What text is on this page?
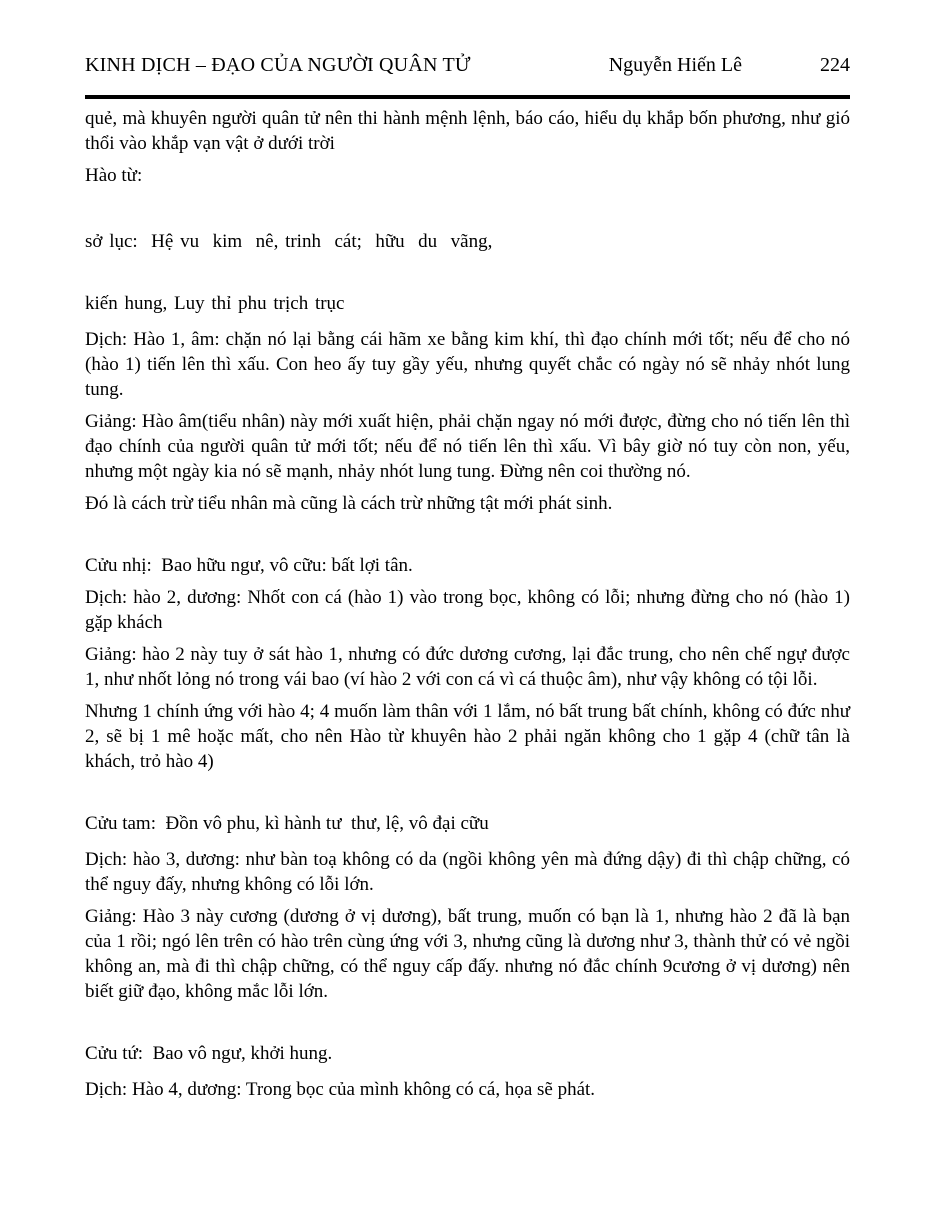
KINH DỊCH – ĐẠO CỦA NGƯỜI QUÂN TỬ	Nguyễn Hiến Lê	224

quẻ, mà khuyên người quân tử nên thi hành mệnh lệnh, báo cáo, hiểu dụ khắp bốn phương, như gió thổi vào khắp vạn vật ở dưới trời

Hào từ:

sở lục:  Hệ vu  kim  nê, trinh  cát;  hữu  du  vãng,

kiến hung, Luy thỉ phu trịch trục

Dịch: Hào 1, âm: chặn nó lại bằng cái hãm xe bằng kim khí, thì đạo chính mới tốt; nếu để cho nó (hào 1) tiến lên thì xấu. Con heo ấy tuy gầy yếu, nhưng quyết chắc có ngày nó sẽ nhảy nhót lung tung.

Giảng: Hào âm(tiểu nhân) này mới xuất hiện, phải chặn ngay nó mới được, đừng cho nó tiến lên thì đạo chính của người quân tử mới tốt; nếu để nó tiến lên thì xấu. Vì bây giờ nó tuy còn non, yếu, nhưng một ngày kia nó sẽ mạnh, nhảy nhót lung tung. Đừng nên coi thường nó.

Đó là cách trừ tiểu nhân mà cũng là cách trừ những tật mới phát sinh.

Cửu nhị:  Bao hữu ngư, vô cữu: bất lợi tân.

Dịch: hào 2, dương: Nhốt con cá (hào 1) vào trong bọc, không có lỗi; nhưng đừng cho nó (hào 1) gặp khách

Giảng: hào 2 này tuy ở sát hào 1, nhưng có đức dương cương, lại đắc trung, cho nên chế ngự được 1, như nhốt lỏng nó trong vái bao (ví hào 2 với con cá vì cá thuộc âm), như vậy không có tội lỗi.

Nhưng 1 chính ứng với hào 4; 4 muốn làm thân với 1 lắm, nó bất trung bất chính, không có đức như 2, sẽ bị 1 mê hoặc mất, cho nên Hào từ khuyên hào 2 phải ngăn không cho 1 gặp 4 (chữ tân là khách, trỏ hào 4)

Cửu tam:  Đồn vô phu, kì hành tư  thư, lệ, vô đại cữu

Dịch: hào 3, dương: như bàn toạ không có da (ngồi không yên mà đứng dậy) đi thì chập chững, có thể nguy đấy, nhưng không có lỗi lớn.

Giảng: Hào 3 này cương (dương ở vị dương), bất trung, muốn có bạn là 1, nhưng hào 2 đã là bạn của 1 rồi; ngó lên trên có hào trên cùng ứng với 3, nhưng cũng là dương như 3, thành thử có vẻ ngồi không an, mà đi thì chập chững, có thể nguy cấp đấy. nhưng nó đắc chính 9cương ở vị dương) nên biết giữ đạo, không mắc lỗi lớn.

Cửu tứ:  Bao vô ngư, khởi hung.

Dịch: Hào 4, dương: Trong bọc của mình không có cá, họa sẽ phát.
